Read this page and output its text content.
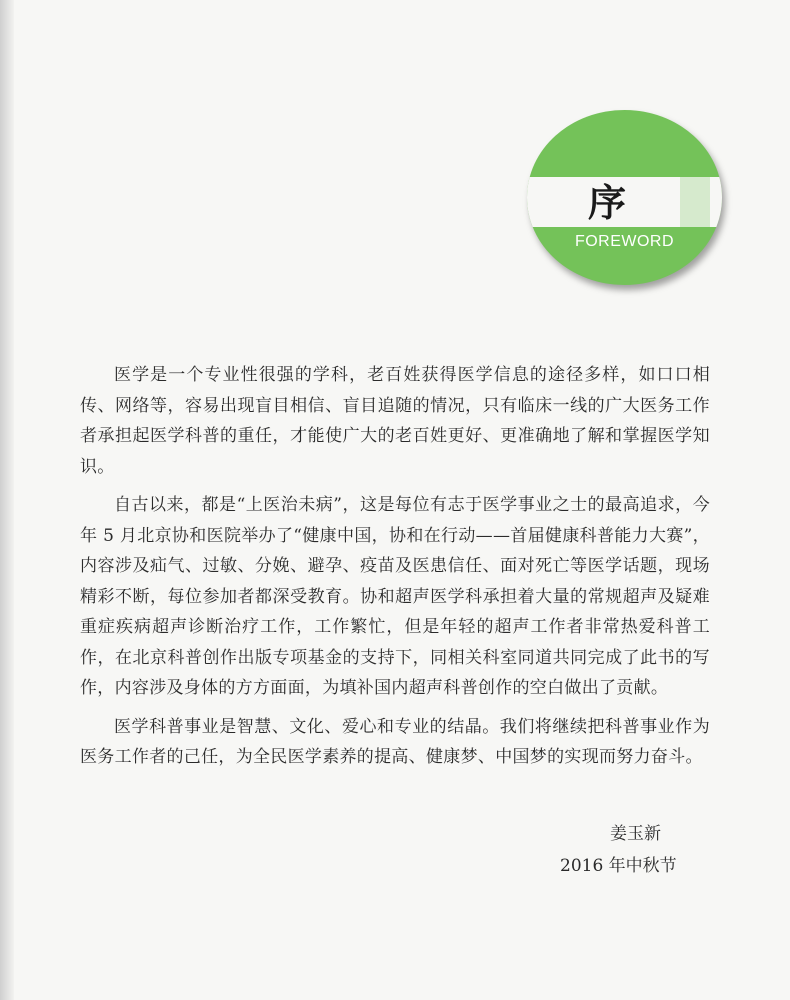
序
FOREWORD

医学是一个专业性很强的学科，老百姓获得医学信息的途径多样，如口口相传、网络等，容易出现盲目相信、盲目追随的情况，只有临床一线的广大医务工作者承担起医学科普的重任，才能使广大的老百姓更好、更准确地了解和掌握医学知识。

自古以来，都是“上医治未病”，这是每位有志于医学事业之士的最高追求，今年 5 月北京协和医院举办了“健康中国，协和在行动——首届健康科普能力大赛”，内容涉及疝气、过敏、分娩、避孕、疫苗及医患信任、面对死亡等医学话题，现场精彩不断，每位参加者都深受教育。协和超声医学科承担着大量的常规超声及疑难重症疾病超声诊断治疗工作，工作繁忙，但是年轻的超声工作者非常热爱科普工作，在北京科普创作出版专项基金的支持下，同相关科室同道共同完成了此书的写作，内容涉及身体的方方面面，为填补国内超声科普创作的空白做出了贡献。

医学科普事业是智慧、文化、爱心和专业的结晶。我们将继续把科普事业作为医务工作者的己任，为全民医学素养的提高、健康梦、中国梦的实现而努力奋斗。

姜玉新
2016 年中秋节
